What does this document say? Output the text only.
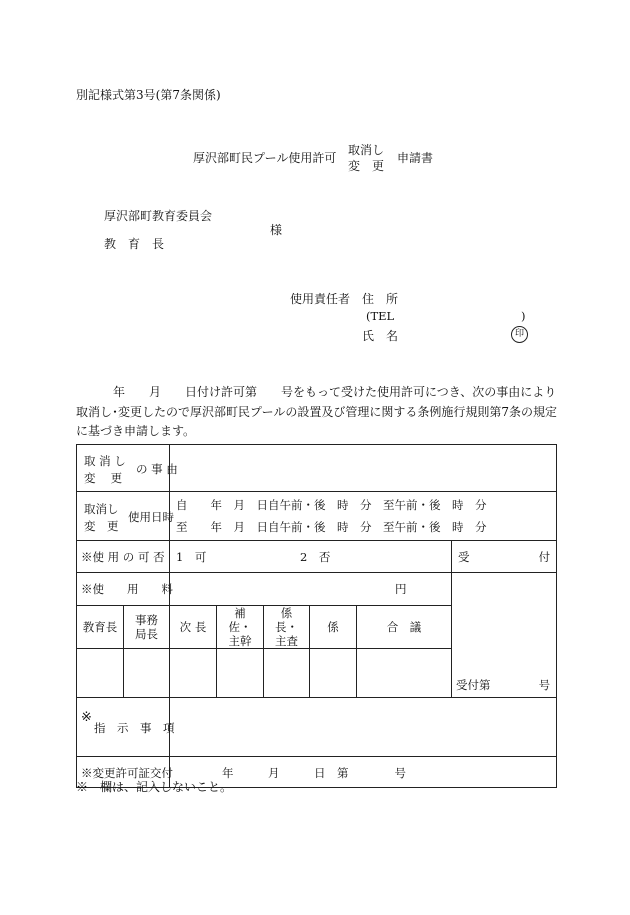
別記様式第3号(第7条関係)
厚沢部町民プール使用許可
取消し
変　更
申請書
厚沢部町教育委員会
様
教　育　長
使用責任者 住　所
(TEL	)
氏　名	印
年　　月　　日付け許可第　　号をもって受けた使用許可につき、次の事由により
取消し･変更したので厚沢部町民プールの設置及び管理に関する条例施行規則第7条の規定
に基づき申請します。
取 消 し
変　 更
の 事 由							

取消し
変　更
使用日時		自　　年　月　日自午前・後　時　分　至午前・後　時　分
至　　年　月　日自午前・後　時　分　至午前・後　時　分					

※使 用 の 可 否		1　可 2　否					受 付

※使　　用　　料		円					受付第 号

教育長	事務局長	次 長	補佐・主幹	係長・主査	係	合　議	

※
指　示　事　項							

※変更許可証交付		年　　　月　　　日　第　　　　号					
※　欄は、記入しないこと。
